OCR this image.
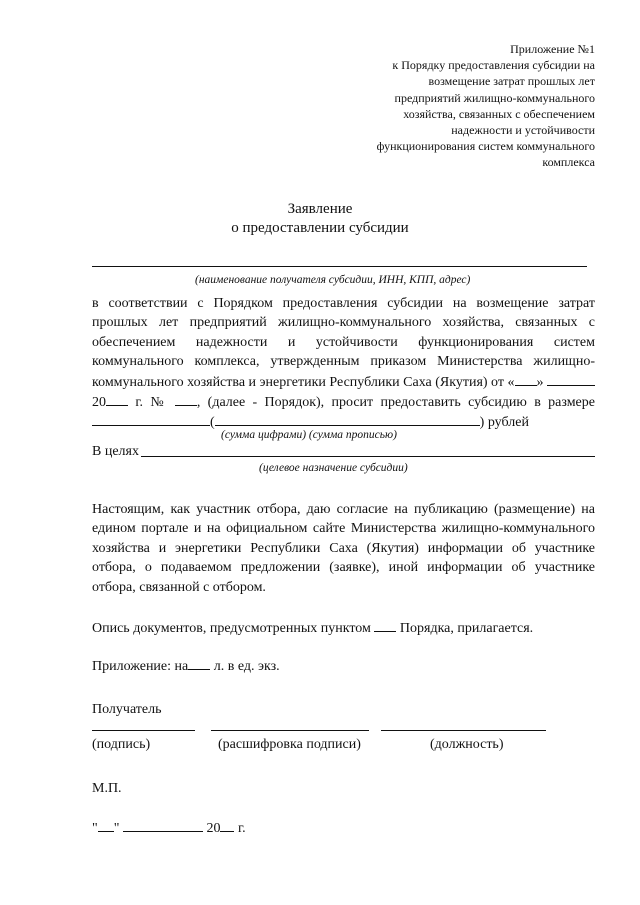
Приложение №1
к Порядку предоставления субсидии на
возмещение затрат прошлых лет
предприятий жилищно-коммунального
хозяйства, связанных с обеспечением
надежности и устойчивости
функционирования систем коммунального
комплекса
Заявление
о предоставлении субсидии
(наименование получателя субсидии, ИНН, КПП, адрес)
в соответствии с Порядком предоставления субсидии на возмещение затрат прошлых лет предприятий жилищно-коммунального хозяйства, связанных с обеспечением надежности и устойчивости функционирования систем коммунального комплекса, утвержденным приказом Министерства жилищно-коммунального хозяйства и энергетики Республики Саха (Якутия) от « »  20 г. № , (далее - Порядок), просит предоставить субсидию в размере (	) рублей
(сумма цифрами) (сумма прописью)
В целях
(целевое назначение субсидии)
Настоящим, как участник отбора, даю согласие на публикацию (размещение) на едином портале и на официальном сайте Министерства жилищно-коммунального хозяйства и энергетики Республики Саха (Якутия) информации об участнике отбора, о подаваемом предложении (заявке), иной информации об участнике отбора, связанной с отбором.
Опись документов, предусмотренных пунктом  Порядка, прилагается.
Приложение: на л. в ед. экз.
Получатель
(подпись)	(расшифровка подписи)	(должность)
М.П.
" "	20 г.
